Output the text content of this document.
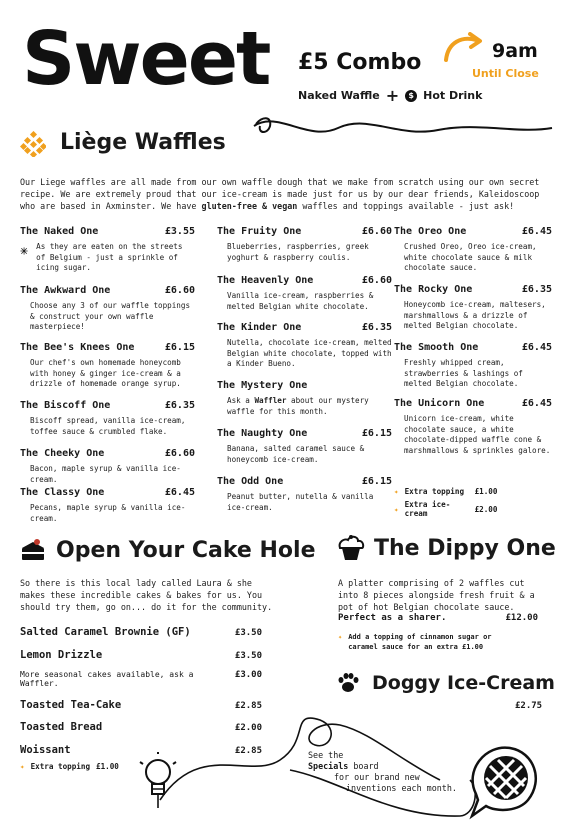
Sweet	9am
Until Close
£5 Combo
Naked Waffle +	$ Hot Drink
Liège Waffles
Our Liege waffles are all made from our own waffle dough that we make from scratch using our own secret recipe. We are extremely proud that our ice-cream is made just for us by our dear friends, Kaleidoscoop who are based in Axminster. We have gluten-free & vegan waffles and toppings available - just ask!
The Naked One	£3.55
As they are eaten on the streets of Belgium - just a sprinkle of icing sugar.
The Awkward One	£6.60
Choose any 3 of our waffle toppings & construct your own waffle masterpiece!
The Bee's Knees One	£6.15
Our chef's own homemade honeycomb with honey & ginger ice-cream & a drizzle of homemade orange syrup.
The Biscoff One	£6.35
Biscoff spread, vanilla ice-cream, toffee sauce & crumbled flake.
The Cheeky One	£6.60
Bacon, maple syrup & vanilla ice-cream.
The Classy One	£6.45
Pecans, maple syrup & vanilla ice-cream.
The Fruity One	£6.60
Blueberries, raspberries, greek yoghurt & raspberry coulis.
The Heavenly One	£6.60
Vanilla ice-cream, raspberries & melted Belgian white chocolate.
The Kinder One	£6.35
Nutella, chocolate ice-cream, melted Belgian white chocolate, topped with a Kinder Bueno.
The Mystery One
Ask a Waffler about our mystery waffle for this month.
The Naughty One	£6.15
Banana, salted caramel sauce & honeycomb ice-cream.
The Odd One	£6.15
Peanut butter, nutella & vanilla ice-cream.
The Oreo One	£6.45
Crushed Oreo, Oreo ice-cream, white chocolate sauce & milk chocolate sauce.
The Rocky One	£6.35
Honeycomb ice-cream, maltesers, marshmallows & a drizzle of melted Belgian chocolate.
The Smooth One	£6.45
Freshly whipped cream, strawberries & lashings of melted Belgian chocolate.
The Unicorn One	£6.45
Unicorn ice-cream, white chocolate sauce, a white chocolate-dipped waffle cone & marshmallows & sprinkles galore.
✦ Extra topping	£1.00
✦ Extra ice-cream	£2.00
Open Your Cake Hole
So there is this local lady called Laura & she makes these incredible cakes & bakes for us. You should try them, go on... do it for the community.
Salted Caramel Brownie (GF)	£3.50
Lemon Drizzle	£3.50
More seasonal cakes available, ask a Waffler.
£3.00
Toasted Tea-Cake	£2.85
Toasted Bread	£2.00
Woissant	£2.85
✦ Extra topping £1.00
The Dippy One
A platter comprising of 2 waffles cut into 8 pieces alongside fresh fruit & a pot of hot Belgian chocolate sauce.
Perfect as a sharer.	£12.00
✦ Add a topping of cinnamon sugar or caramel sauce for an extra £1.00
Doggy Ice-Cream
£2.75
See the
Specials board
for our brand new
inventions each month.
